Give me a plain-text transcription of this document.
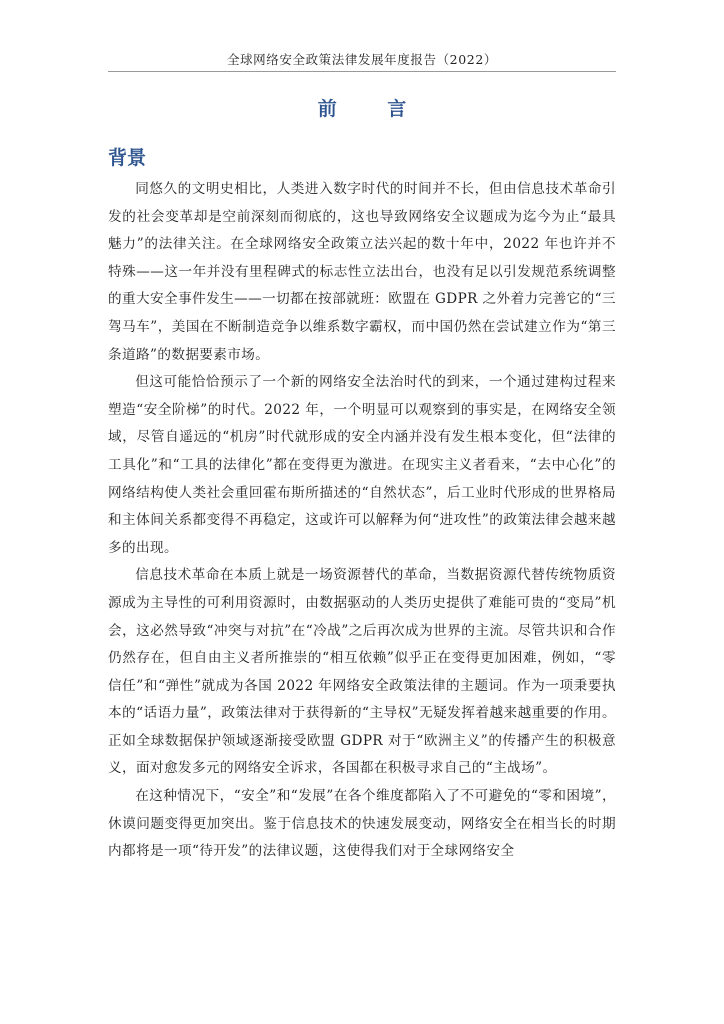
全球网络安全政策法律发展年度报告（2022）
前 言
背景

同悠久的文明史相比，人类进入数字时代的时间并不长，但由信息技术革命引发的社会变革却是空前深刻而彻底的，这也导致网络安全议题成为迄今为止“最具魅力”的法律关注。在全球网络安全政策立法兴起的数十年中，2022 年也许并不特殊——这一年并没有里程碑式的标志性立法出台，也没有足以引发规范系统调整的重大安全事件发生——一切都在按部就班：欧盟在 GDPR 之外着力完善它的“三驾马车”，美国在不断制造竞争以维系数字霸权，而中国仍然在尝试建立作为“第三条道路”的数据要素市场。

但这可能恰恰预示了一个新的网络安全法治时代的到来，一个通过建构过程来塑造“安全阶梯”的时代。2022 年，一个明显可以观察到的事实是，在网络安全领域，尽管自遥远的“机房”时代就形成的安全内涵并没有发生根本变化，但“法律的工具化”和“工具的法律化”都在变得更为激进。在现实主义者看来，“去中心化”的网络结构使人类社会重回霍布斯所描述的“自然状态”，后工业时代形成的世界格局和主体间关系都变得不再稳定，这或许可以解释为何“进攻性”的政策法律会越来越多的出现。

信息技术革命在本质上就是一场资源替代的革命，当数据资源代替传统物质资源成为主导性的可利用资源时，由数据驱动的人类历史提供了难能可贵的“变局”机会，这必然导致“冲突与对抗”在“冷战”之后再次成为世界的主流。尽管共识和合作仍然存在，但自由主义者所推崇的“相互依赖”似乎正在变得更加困难，例如，“零信任”和“弹性”就成为各国 2022 年网络安全政策法律的主题词。作为一项秉要执本的“话语力量”，政策法律对于获得新的“主导权”无疑发挥着越来越重要的作用。正如全球数据保护领域逐渐接受欧盟 GDPR 对于“欧洲主义”的传播产生的积极意义，面对愈发多元的网络安全诉求，各国都在积极寻求自己的“主战场”。

在这种情况下，“安全”和“发展”在各个维度都陷入了不可避免的“零和困境”，休谟问题变得更加突出。鉴于信息技术的快速发展变动，网络安全在相当长的时期内都将是一项“待开发”的法律议题，这使得我们对于全球网络安全
